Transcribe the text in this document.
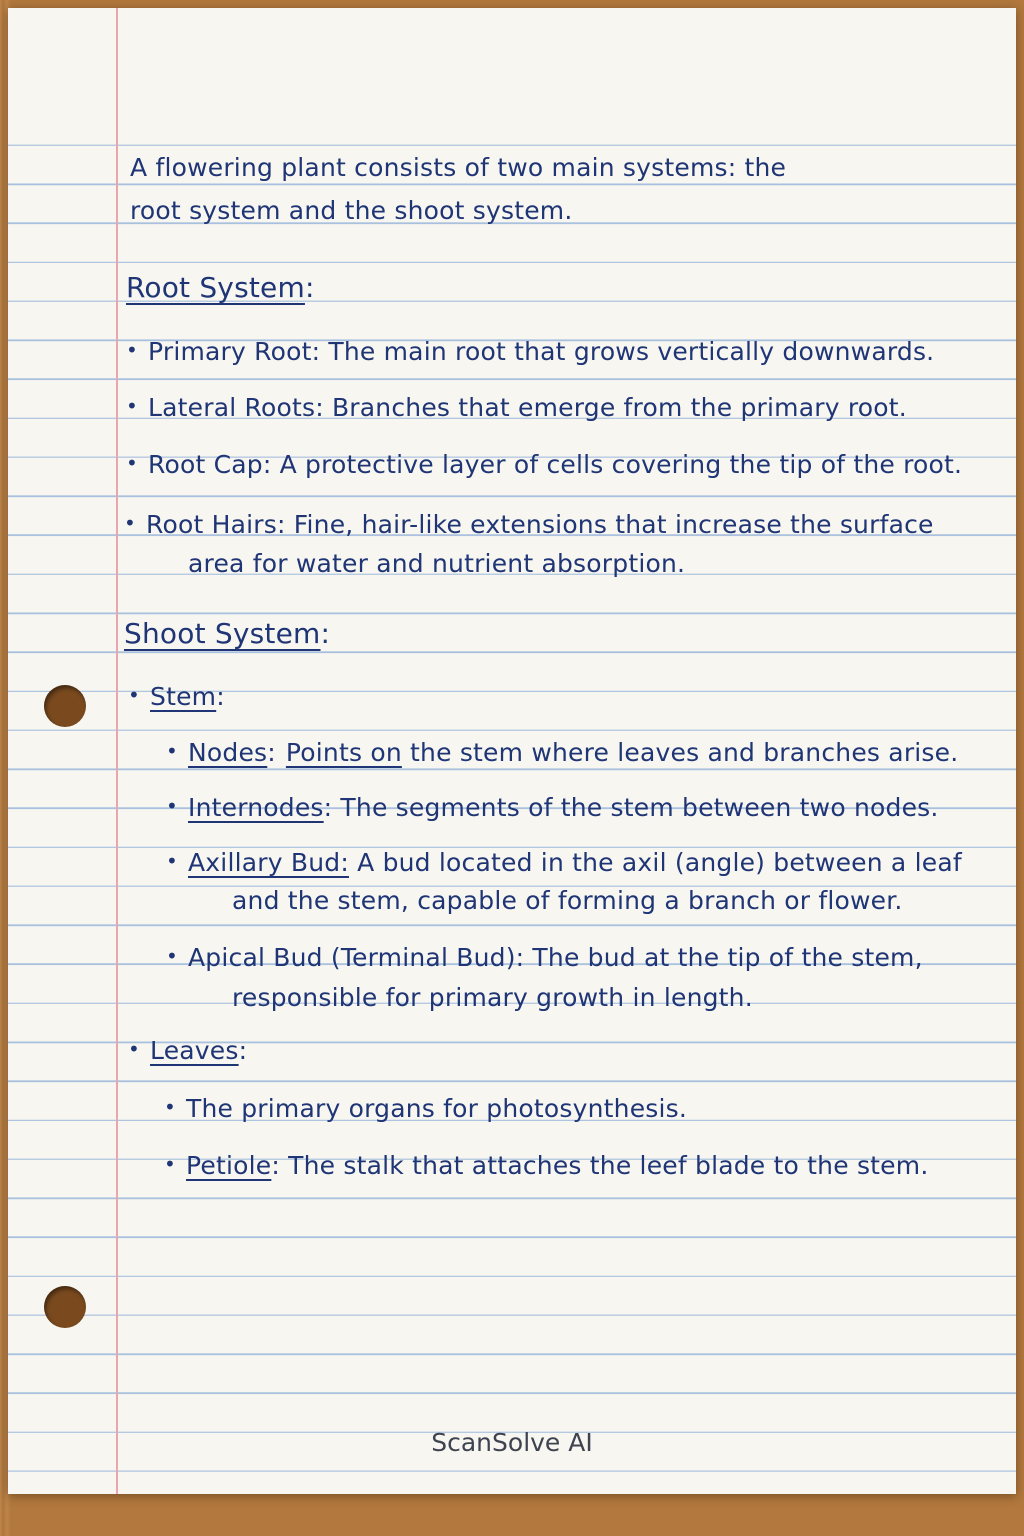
A flowering plant consists of two main systems: the
root system and the shoot system.
Root System:
• Primary Root: The main root that grows vertically downwards.
• Lateral Roots: Branches that emerge from the primary root.
• Root Cap: A protective layer of cells covering the tip of the root.
• Root Hairs: Fine, hair-like extensions that increase the surface
area for water and nutrient absorption.
Shoot System:
• Stem:
• Nodes: Points on the stem where leaves and branches arise.
• Internodes: The segments of the stem between two nodes.
• Axillary Bud: A bud located in the axil (angle) between a leaf
and the stem, capable of forming a branch or flower.
• Apical Bud (Terminal Bud): The bud at the tip of the stem,
responsible for primary growth in length.
• Leaves:
• The primary organs for photosynthesis.
• Petiole: The stalk that attaches the leef blade to the stem.
ScanSolve AI
